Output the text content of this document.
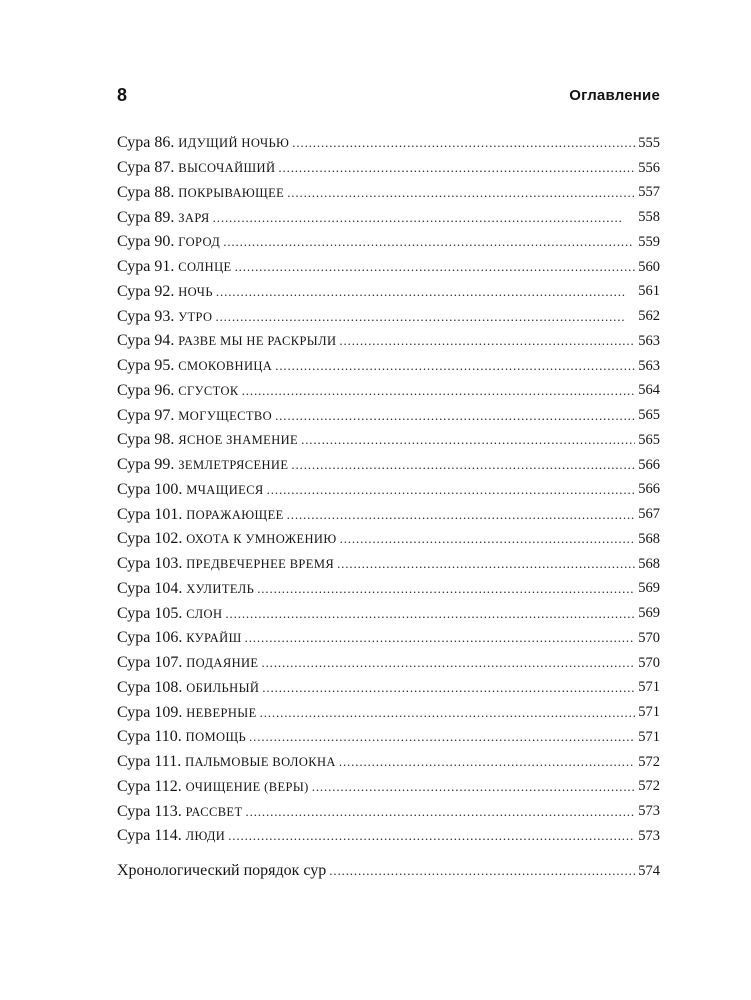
8	Оглавление
Сура 86. ИДУЩИЙ НОЧЬЮ . . .	555
Сура 87. ВЫСОЧАЙШИЙ . . .	556
Сура 88. ПОКРЫВАЮЩЕЕ . . .	557
Сура 89. ЗАРЯ . . .	558
Сура 90. ГОРОД . . .	559
Сура 91. СОЛНЦЕ . . .	560
Сура 92. НОЧЬ . . .	561
Сура 93. УТРО . . .	562
Сура 94. РАЗВЕ МЫ НЕ РАСКРЫЛИ . . .	563
Сура 95. СМОКОВНИЦА . . .	563
Сура 96. СГУСТОК . . .	564
Сура 97. МОГУЩЕСТВО . . .	565
Сура 98. ЯСНОЕ ЗНАМЕНИЕ . . .	565
Сура 99. ЗЕМЛЕТРЯСЕНИЕ . . .	566
Сура 100. МЧАЩИЕСЯ . . .	566
Сура 101. ПОРАЖАЮЩЕЕ . . .	567
Сура 102. ОХОТА К УМНОЖЕНИЮ . . .	568
Сура 103. ПРЕДВЕЧЕРНЕЕ ВРЕМЯ . . .	568
Сура 104. ХУЛИТЕЛЬ . . .	569
Сура 105. СЛОН . . .	569
Сура 106. КУРАЙШ . . .	570
Сура 107. ПОДАЯНИЕ . . .	570
Сура 108. ОБИЛЬНЫЙ . . .	571
Сура 109. НЕВЕРНЫЕ . . .	571
Сура 110. ПОМОЩЬ . . .	571
Сура 111. ПАЛЬМОВЫЕ ВОЛОКНА . . .	572
Сура 112. ОЧИЩЕНИЕ (ВЕРЫ) . . .	572
Сура 113. РАССВЕТ . . .	573
Сура 114. ЛЮДИ . . .	573
Хронологический порядок сур . . .	574
